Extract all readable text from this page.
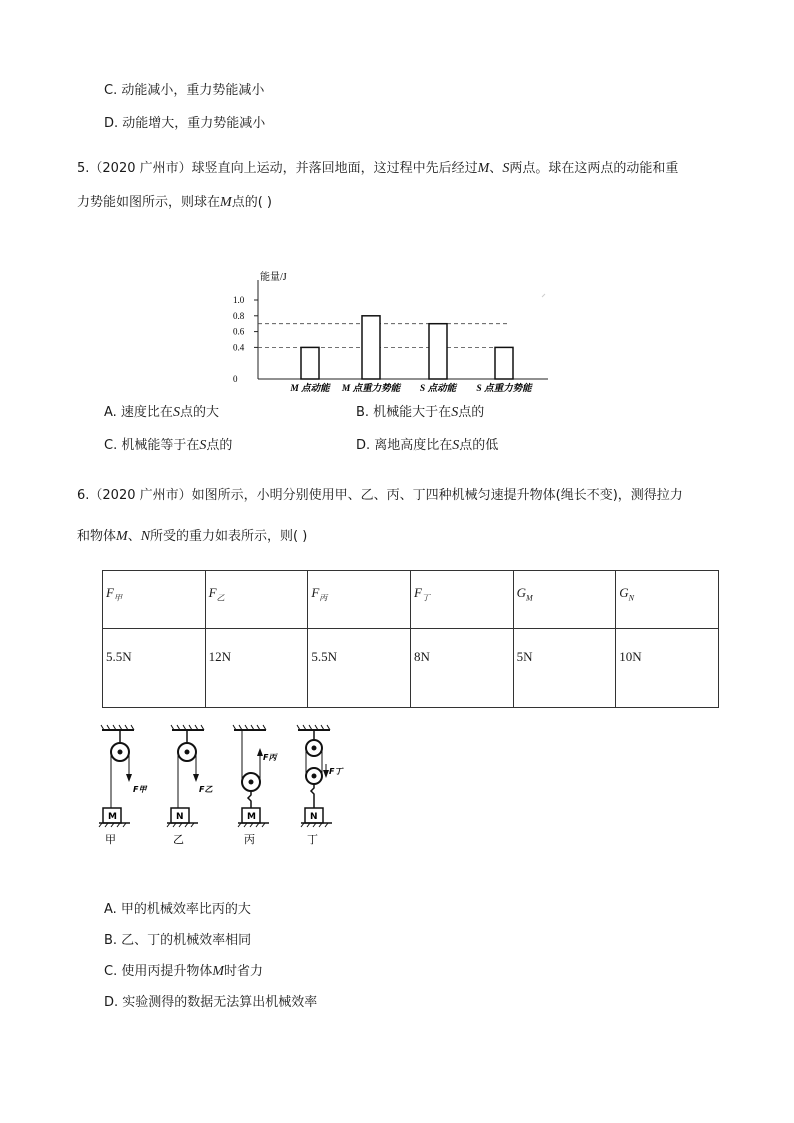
C. 动能减小，重力势能减小
D. 动能增大，重力势能减小
5.（2020 广州市）球竖直向上运动，并落回地面，这过程中先后经过M、S两点。球在这两点的动能和重
力势能如图所示，则球在M点的( )
能量/J
0
0.4
0.6
0.8
1.0
M 点动能 M 点重力势能 S 点动能 S 点重力势能
A. 速度比在S点的大	B. 机械能大于在S点的
C. 机械能等于在S点的	D. 离地高度比在S点的低
6.（2020 广州市）如图所示，小明分别使用甲、乙、丙、丁四种机械匀速提升物体(绳长不变)，测得拉力
和物体M、N所受的重力如表所示，则( )
$F_甲$	$F_乙$	$F_丙$	$F_丁$	$G_M$	$G_N$

5.5N	12N	5.5N	8N	5N	10N
F甲
M
甲
F乙
N
乙
F丙
M
丙
F丁
N
丁
A. 甲的机械效率比丙的大
B. 乙、丁的机械效率相同
C. 使用丙提升物体M时省力
D. 实验测得的数据无法算出机械效率
